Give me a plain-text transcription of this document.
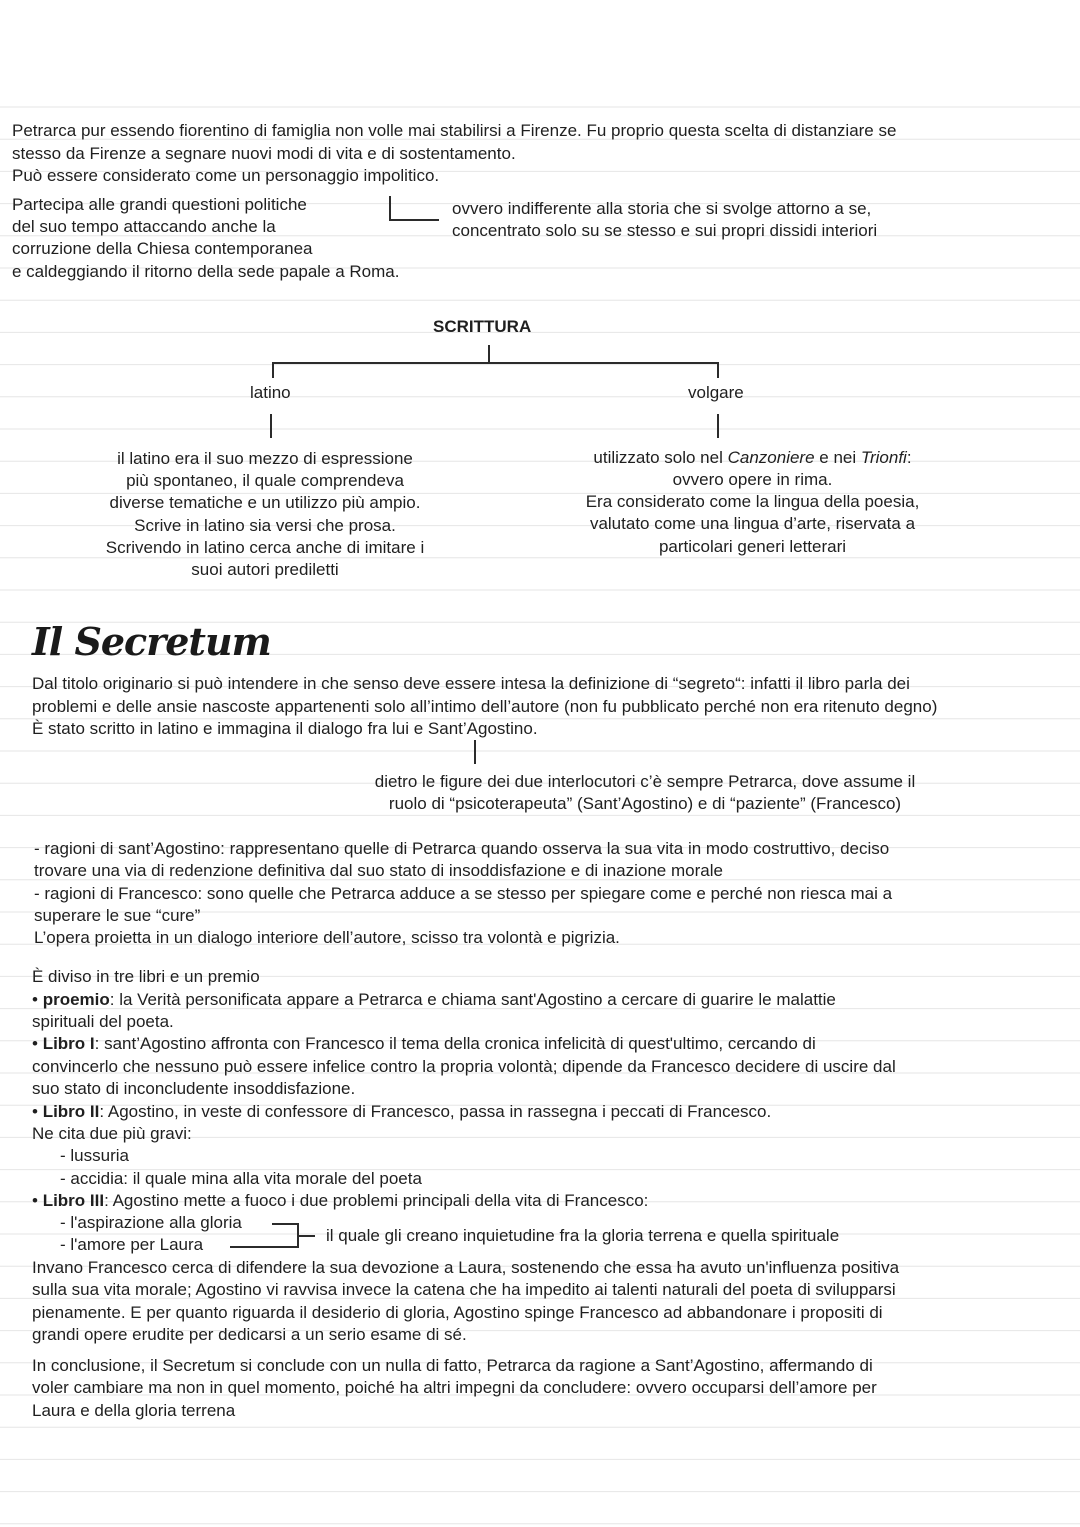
Petrarca pur essendo fiorentino di famiglia non volle mai stabilirsi a Firenze. Fu proprio questa scelta di distanziare se
stesso da Firenze a segnare nuovi modi di vita e di sostentamento.
Può essere considerato come un personaggio impolitico.
Partecipa alle grandi questioni politiche
del suo tempo attaccando anche la
corruzione della Chiesa contemporanea
e caldeggiando il ritorno della sede papale a Roma.
ovvero indifferente alla storia che si svolge attorno a se,
concentrato solo su se stesso e sui propri dissidi interiori
SCRITTURA
latino	volgare
il latino era il suo mezzo di espressione
più spontaneo, il quale comprendeva
diverse tematiche e un utilizzo più ampio.
Scrive in latino sia versi che prosa.
Scrivendo in latino cerca anche di imitare i
suoi autori prediletti
utilizzato solo nel Canzoniere e nei Trionfi:
ovvero opere in rima.
Era considerato come la lingua della poesia,
valutato come una lingua d’arte, riservata a
particolari generi letterari
Il Secretum
Dal titolo originario si può intendere in che senso deve essere intesa la definizione di “segreto“: infatti il libro parla dei
problemi e delle ansie nascoste appartenenti solo all’intimo dell’autore (non fu pubblicato perché non era ritenuto degno)
È stato scritto in latino e immagina il dialogo fra lui e Sant’Agostino.
dietro le figure dei due interlocutori c’è sempre Petrarca, dove assume il
ruolo di “psicoterapeuta” (Sant’Agostino) e di “paziente” (Francesco)
- ragioni di sant’Agostino: rappresentano quelle di Petrarca quando osserva la sua vita in modo costruttivo, deciso
trovare una via di redenzione definitiva dal suo stato di insoddisfazione e di inazione morale
- ragioni di Francesco: sono quelle che Petrarca adduce a se stesso per spiegare come e perché non riesca mai a
superare le sue “cure”
L’opera proietta in un dialogo interiore dell’autore, scisso tra volontà e pigrizia.
È diviso in tre libri e un premio
• proemio: la Verità personificata appare a Petrarca e chiama sant'Agostino a cercare di guarire le malattie
spirituali del poeta.
• Libro I: sant’Agostino affronta con Francesco il tema della cronica infelicità di quest'ultimo, cercando di
convincerlo che nessuno può essere infelice contro la propria volontà; dipende da Francesco decidere di uscire dal
suo stato di inconcludente insoddisfazione.
• Libro II: Agostino, in veste di confessore di Francesco, passa in rassegna i peccati di Francesco.
Ne cita due più gravi:
- lussuria
- accidia: il quale mina alla vita morale del poeta
• Libro III: Agostino mette a fuoco i due problemi principali della vita di Francesco:
- l'aspirazione alla gloria
- l'amore per Laura	il quale gli creano inquietudine fra la gloria terrena e quella spirituale
Invano Francesco cerca di difendere la sua devozione a Laura, sostenendo che essa ha avuto un'influenza positiva
sulla sua vita morale; Agostino vi ravvisa invece la catena che ha impedito ai talenti naturali del poeta di svilupparsi
pienamente. E per quanto riguarda il desiderio di gloria, Agostino spinge Francesco ad abbandonare i propositi di
grandi opere erudite per dedicarsi a un serio esame di sé.
In conclusione, il Secretum si conclude con un nulla di fatto, Petrarca da ragione a Sant’Agostino, affermando di
voler cambiare ma non in quel momento, poiché ha altri impegni da concludere: ovvero occuparsi dell’amore per
Laura e della gloria terrena
